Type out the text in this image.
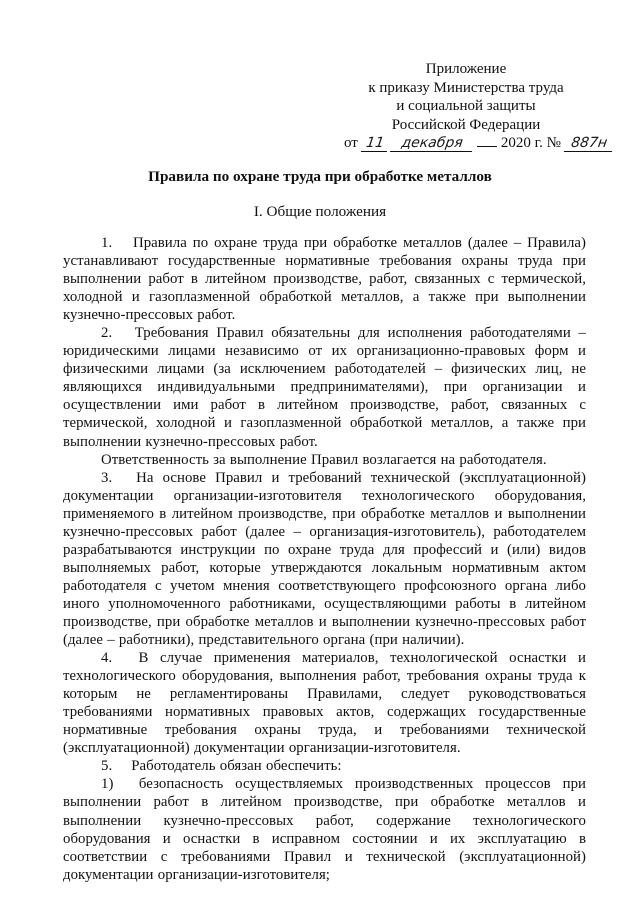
Приложение
к приказу Министерства труда
и социальной защиты
Российской Федерации
от 11 декабря 2020 г. № 887н
Правила по охране труда при обработке металлов
I. Общие положения

1. Правила по охране труда при обработке металлов (далее – Правила) устанавливают государственные нормативные требования охраны труда при выполнении работ в литейном производстве, работ, связанных с термической, холодной и газоплазменной обработкой металлов, а также при выполнении кузнечно-прессовых работ.

2. Требования Правил обязательны для исполнения работодателями – юридическими лицами независимо от их организационно-правовых форм и физическими лицами (за исключением работодателей – физических лиц, не являющихся индивидуальными предпринимателями), при организации и осуществлении ими работ в литейном производстве, работ, связанных с термической, холодной и газоплазменной обработкой металлов, а также при выполнении кузнечно-прессовых работ.

Ответственность за выполнение Правил возлагается на работодателя.

3. На основе Правил и требований технической (эксплуатационной) документации организации-изготовителя технологического оборудования, применяемого в литейном производстве, при обработке металлов и выполнении кузнечно-прессовых работ (далее – организация-изготовитель), работодателем разрабатываются инструкции по охране труда для профессий и (или) видов выполняемых работ, которые утверждаются локальным нормативным актом работодателя с учетом мнения соответствующего профсоюзного органа либо иного уполномоченного работниками, осуществляющими работы в литейном производстве, при обработке металлов и выполнении кузнечно-прессовых работ (далее – работники), представительного органа (при наличии).

4. В случае применения материалов, технологической оснастки и технологического оборудования, выполнения работ, требования охраны труда к которым не регламентированы Правилами, следует руководствоваться требованиями нормативных правовых актов, содержащих государственные нормативные требования охраны труда, и требованиями технической (эксплуатационной) документации организации-изготовителя.

5. Работодатель обязан обеспечить:

1) безопасность осуществляемых производственных процессов при выполнении работ в литейном производстве, при обработке металлов и выполнении кузнечно-прессовых работ, содержание технологического оборудования и оснастки в исправном состоянии и их эксплуатацию в соответствии с требованиями Правил и технической (эксплуатационной) документации организации-изготовителя;
